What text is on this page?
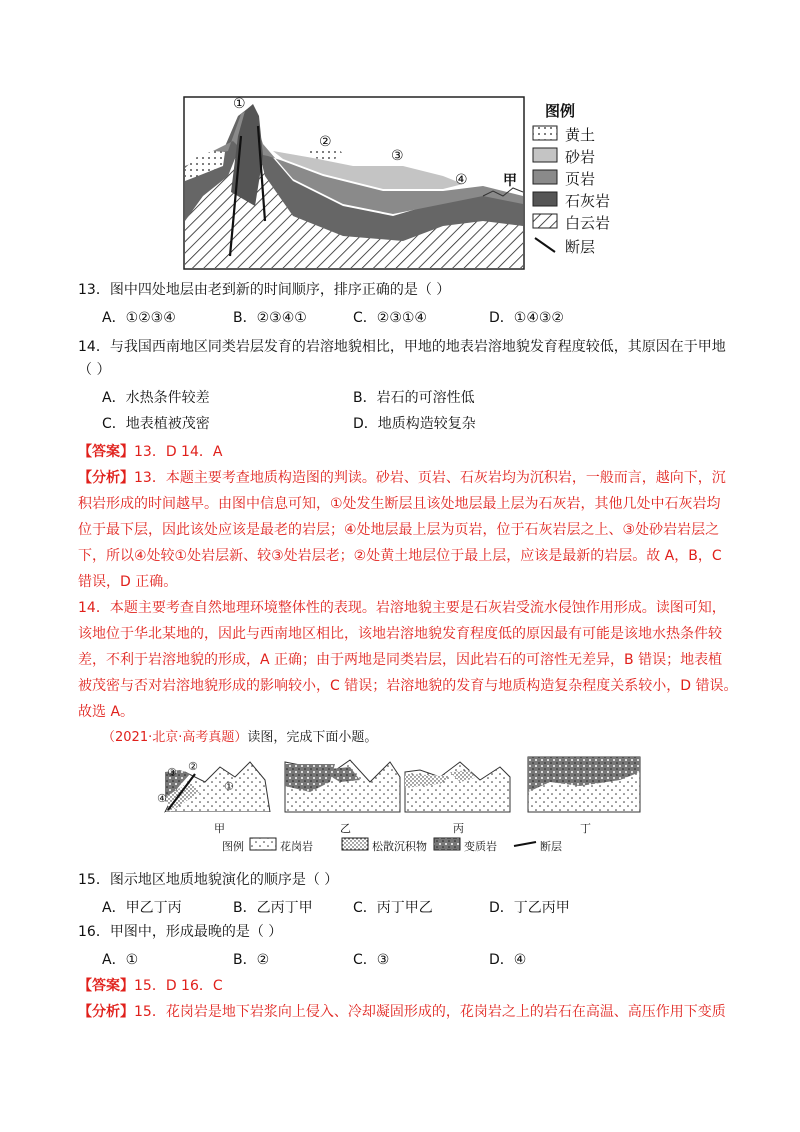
①
②
③
④	甲
图例
黄土
砂岩
页岩
石灰岩
白云岩
断层
13．图中四处地层由老到新的时间顺序，排序正确的是（ ）
A．①②③④	B．②③④①	C．②③①④	D．①④③②
14．与我国西南地区同类岩层发育的岩溶地貌相比，甲地的地表岩溶地貌发育程度较低，其原因在于甲地
（ ）
A．水热条件较差	B．岩石的可溶性低
C．地表植被茂密	D．地质构造较复杂
【答案】13．D 14．A
【分析】13．本题主要考查地质构造图的判读。砂岩、页岩、石灰岩均为沉积岩，一般而言，越向下，沉
积岩形成的时间越早。由图中信息可知，①处发生断层且该处地层最上层为石灰岩，其他几处中石灰岩均
位于最下层，因此该处应该是最老的岩层；④处地层最上层为页岩，位于石灰岩层之上、③处砂岩岩层之
下，所以④处较①处岩层新、较③处岩层老；②处黄土地层位于最上层，应该是最新的岩层。故 A，B，C
错误，D 正确。
14．本题主要考查自然地理环境整体性的表现。岩溶地貌主要是石灰岩受流水侵蚀作用形成。读图可知，
该地位于华北某地的，因此与西南地区相比，该地岩溶地貌发育程度低的原因最有可能是该地水热条件较
差，不利于岩溶地貌的形成，A 正确；由于两地是同类岩层，因此岩石的可溶性无差异，B 错误；地表植
被茂密与否对岩溶地貌形成的影响较小，C 错误；岩溶地貌的发育与地质构造复杂程度关系较小，D 错误。
故选 A。
（2021·北京·高考真题）读图，完成下面小题。
③ ②
①
④
甲	乙	丙	丁
图例	花岗岩	松散沉积物	变质岩	断层
15．图示地区地质地貌演化的顺序是（ ）
A．甲乙丁丙	B．乙丙丁甲	C．丙丁甲乙	D．丁乙丙甲
16．甲图中，形成最晚的是（ ）
A．①	B．②	C．③	D．④
【答案】15．D 16．C
【分析】15．花岗岩是地下岩浆向上侵入、冷却凝固形成的，花岗岩之上的岩石在高温、高压作用下变质
